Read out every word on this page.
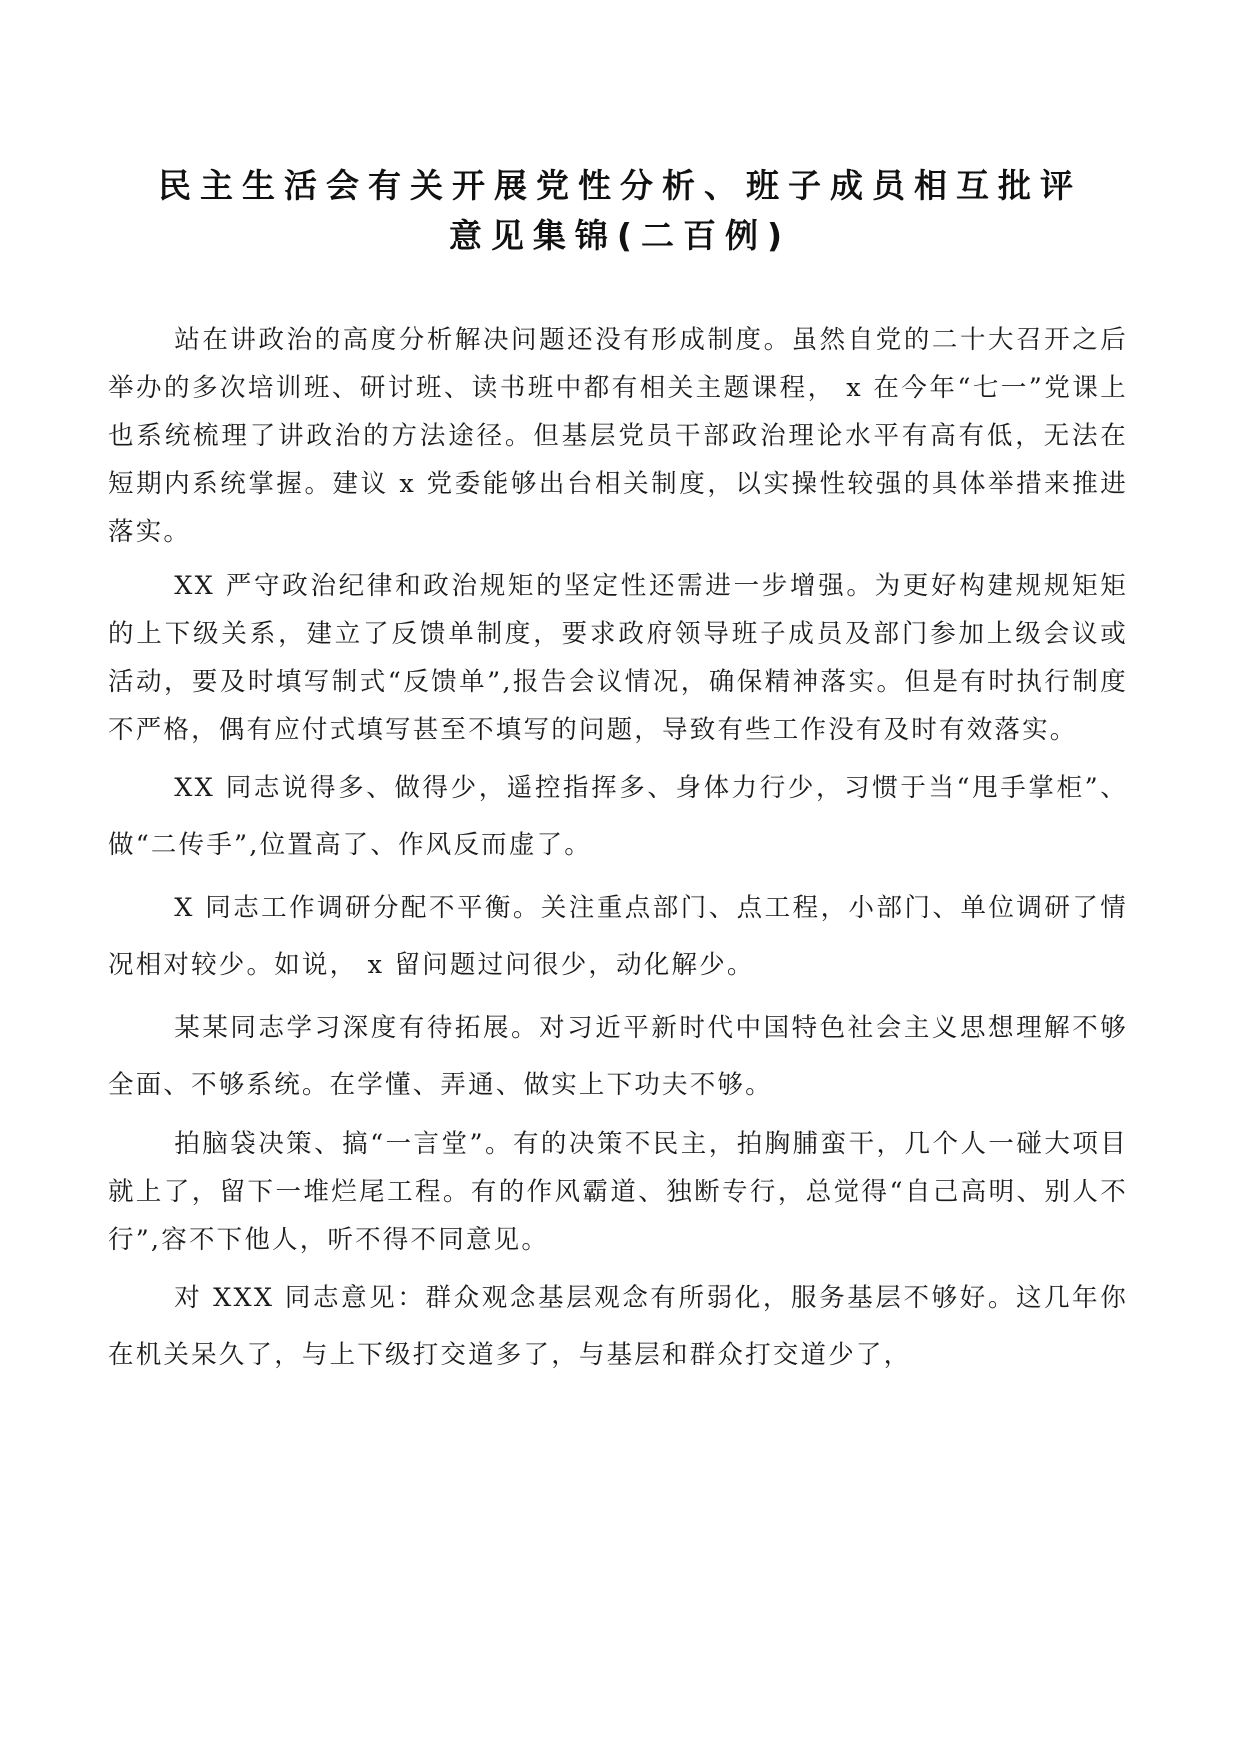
民主生活会有关开展党性分析、班子成员相互批评
意见集锦(二百例)

站在讲政治的高度分析解决问题还没有形成制度。虽然自党的二十大召开之后举办的多次培训班、研讨班、读书班中都有相关主题课程， x 在今年“七一”党课上也系统梳理了讲政治的方法途径。但基层党员干部政治理论水平有高有低，无法在短期内系统掌握。建议 x 党委能够出台相关制度，以实操性较强的具体举措来推进落实。

XX 严守政治纪律和政治规矩的坚定性还需进一步增强。为更好构建规规矩矩的上下级关系，建立了反馈单制度，要求政府领导班子成员及部门参加上级会议或活动，要及时填写制式“反馈单”,报告会议情况，确保精神落实。但是有时执行制度不严格，偶有应付式填写甚至不填写的问题，导致有些工作没有及时有效落实。

XX 同志说得多、做得少，遥控指挥多、身体力行少，习惯于当“甩手掌柜”、做“二传手”,位置高了、作风反而虚了。

X 同志工作调研分配不平衡。关注重点部门、点工程，小部门、单位调研了情况相对较少。如说， x 留问题过问很少，动化解少。

某某同志学习深度有待拓展。对习近平新时代中国特色社会主义思想理解不够全面、不够系统。在学懂、弄通、做实上下功夫不够。

拍脑袋决策、搞“一言堂”。有的决策不民主，拍胸脯蛮干，几个人一碰大项目就上了，留下一堆烂尾工程。有的作风霸道、独断专行，总觉得“自己高明、别人不行”,容不下他人，听不得不同意见。

对 XXX 同志意见：群众观念基层观念有所弱化，服务基层不够好。这几年你在机关呆久了，与上下级打交道多了，与基层和群众打交道少了，
